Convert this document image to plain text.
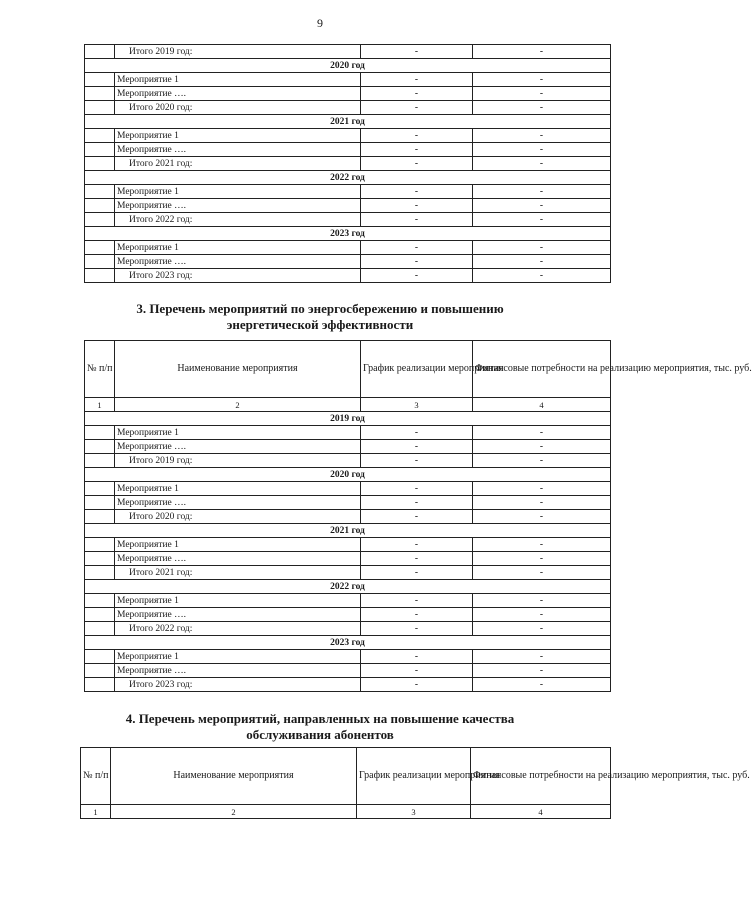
9
	Итого 2019 год:	-	-
2020 год			
	Мероприятие 1	-	-
	Мероприятие ….	-	-
	Итого 2020 год:	-	-
2021 год			
	Мероприятие 1	-	-
	Мероприятие ….	-	-
	Итого 2021 год:	-	-
2022 год			
	Мероприятие 1	-	-
	Мероприятие ….	-	-
	Итого 2022 год:	-	-
2023 год			
	Мероприятие 1	-	-
	Мероприятие ….	-	-
	Итого 2023 год:	-	-
3. Перечень мероприятий по энергосбережению и повышению
энергетической эффективности
№ п/п	Наименование мероприятия	График реализации мероприятия	Финансовые потребности на реализацию мероприятия, тыс. руб.
1	2	3	4
2019 год			
	Мероприятие 1	-	-
	Мероприятие ….	-	-
	Итого 2019 год:	-	-
2020 год			
	Мероприятие 1	-	-
	Мероприятие ….	-	-
	Итого 2020 год:	-	-
2021 год			
	Мероприятие 1	-	-
	Мероприятие ….	-	-
	Итого 2021 год:	-	-
2022 год			
	Мероприятие 1	-	-
	Мероприятие ….	-	-
	Итого 2022 год:	-	-
2023 год			
	Мероприятие 1	-	-
	Мероприятие ….	-	-
	Итого 2023 год:	-	-
4. Перечень мероприятий, направленных на повышение качества
обслуживания абонентов
№ п/п	Наименование мероприятия	График реализации мероприятия	Финансовые потребности на реализацию мероприятия, тыс. руб.
1	2	3	4
